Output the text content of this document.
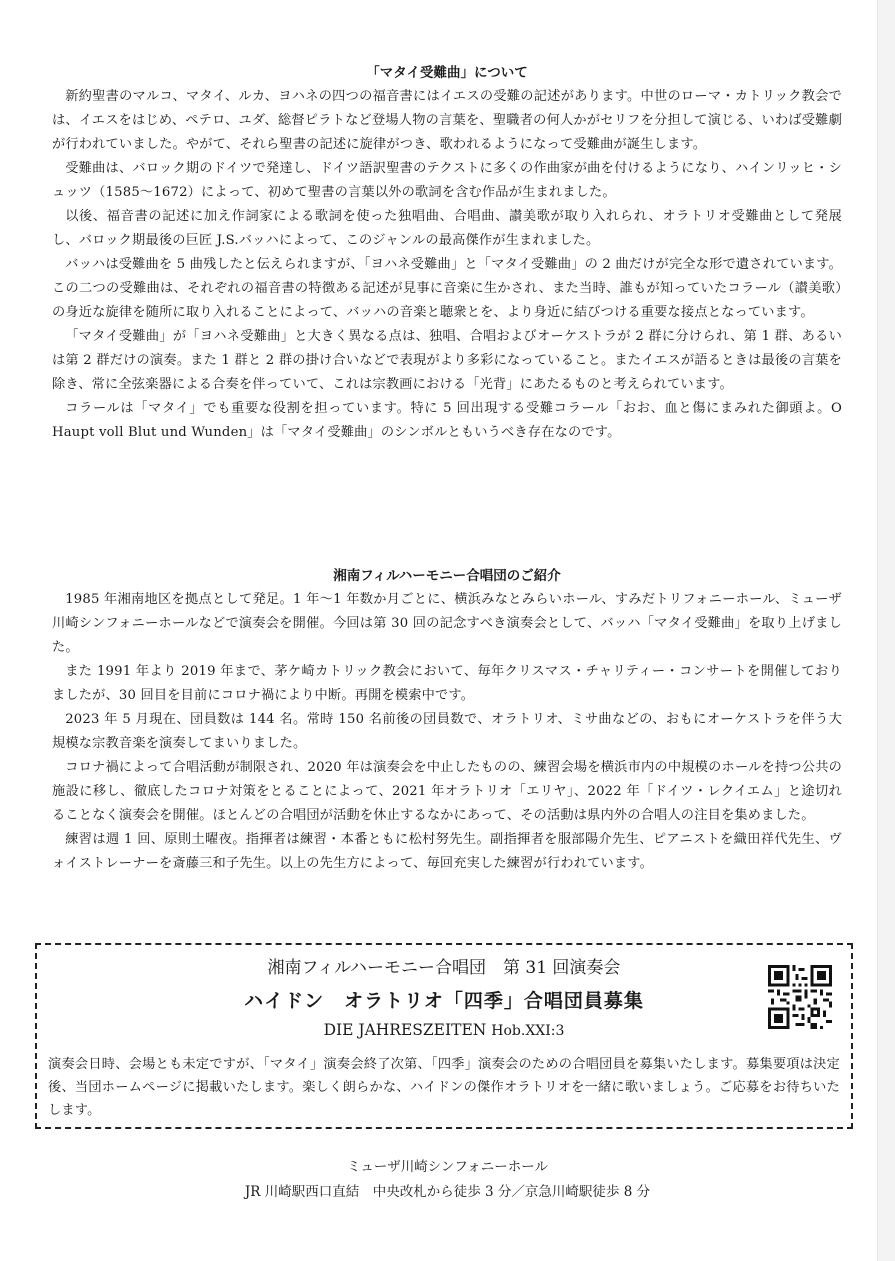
「マタイ受難曲」について

新約聖書のマルコ、マタイ、ルカ、ヨハネの四つの福音書にはイエスの受難の記述があります。中世のローマ・カトリック教会では、イエスをはじめ、ペテロ、ユダ、総督ピラトなど登場人物の言葉を、聖職者の何人かがセリフを分担して演じる、いわば受難劇が行われていました。やがて、それら聖書の記述に旋律がつき、歌われるようになって受難曲が誕生します。

受難曲は、バロック期のドイツで発達し、ドイツ語訳聖書のテクストに多くの作曲家が曲を付けるようになり、ハインリッヒ・シュッツ（1585～1672）によって、初めて聖書の言葉以外の歌詞を含む作品が生まれました。

以後、福音書の記述に加え作詞家による歌詞を使った独唱曲、合唱曲、讃美歌が取り入れられ、オラトリオ受難曲として発展し、バロック期最後の巨匠 J.S.バッハによって、このジャンルの最高傑作が生まれました。

バッハは受難曲を 5 曲残したと伝えられますが、「ヨハネ受難曲」と「マタイ受難曲」の 2 曲だけが完全な形で遺されています。この二つの受難曲は、それぞれの福音書の特徴ある記述が見事に音楽に生かされ、また当時、誰もが知っていたコラール（讃美歌）の身近な旋律を随所に取り入れることによって、バッハの音楽と聴衆とを、より身近に結びつける重要な接点となっています。

「マタイ受難曲」が「ヨハネ受難曲」と大きく異なる点は、独唱、合唱およびオーケストラが 2 群に分けられ、第 1 群、あるいは第 2 群だけの演奏。また 1 群と 2 群の掛け合いなどで表現がより多彩になっていること。またイエスが語るときは最後の言葉を除き、常に全弦楽器による合奏を伴っていて、これは宗教画における「光背」にあたるものと考えられています。

コラールは「マタイ」でも重要な役割を担っています。特に 5 回出現する受難コラール「おお、血と傷にまみれた御頭よ。O Haupt voll Blut und Wunden」は「マタイ受難曲」のシンボルともいうべき存在なのです。

湘南フィルハーモニー合唱団のご紹介

1985 年湘南地区を拠点として発足。1 年～1 年数か月ごとに、横浜みなとみらいホール、すみだトリフォニーホール、ミューザ川崎シンフォニーホールなどで演奏会を開催。今回は第 30 回の記念すべき演奏会として、バッハ「マタイ受難曲」を取り上げました。

また 1991 年より 2019 年まで、茅ケ崎カトリック教会において、毎年クリスマス・チャリティー・コンサートを開催しておりましたが、30 回目を目前にコロナ禍により中断。再開を模索中です。

2023 年 5 月現在、団員数は 144 名。常時 150 名前後の団員数で、オラトリオ、ミサ曲などの、おもにオーケストラを伴う大規模な宗教音楽を演奏してまいりました。

コロナ禍によって合唱活動が制限され、2020 年は演奏会を中止したものの、練習会場を横浜市内の中規模のホールを持つ公共の施設に移し、徹底したコロナ対策をとることによって、2021 年オラトリオ「エリヤ」、2022 年「ドイツ・レクイエム」と途切れることなく演奏会を開催。ほとんどの合唱団が活動を休止するなかにあって、その活動は県内外の合唱人の注目を集めました。

練習は週 1 回、原則土曜夜。指揮者は練習・本番ともに松村努先生。副指揮者を服部陽介先生、ピアニストを織田祥代先生、ヴォイストレーナーを斎藤三和子先生。以上の先生方によって、毎回充実した練習が行われています。

湘南フィルハーモニー合唱団　第 31 回演奏会
ハイドン　オラトリオ「四季」合唱団員募集
DIE JAHRESZEITEN Hob.XXI:3
演奏会日時、会場とも未定ですが、「マタイ」演奏会終了次第、「四季」演奏会のための合唱団員を募集いたします。募集要項は決定後、当団ホームページに掲載いたします。楽しく朗らかな、ハイドンの傑作オラトリオを一緒に歌いましょう。ご応募をお待ちいたします。
ミューザ川崎シンフォニーホール
JR 川崎駅西口直結　中央改札から徒歩 3 分／京急川崎駅徒歩 8 分
